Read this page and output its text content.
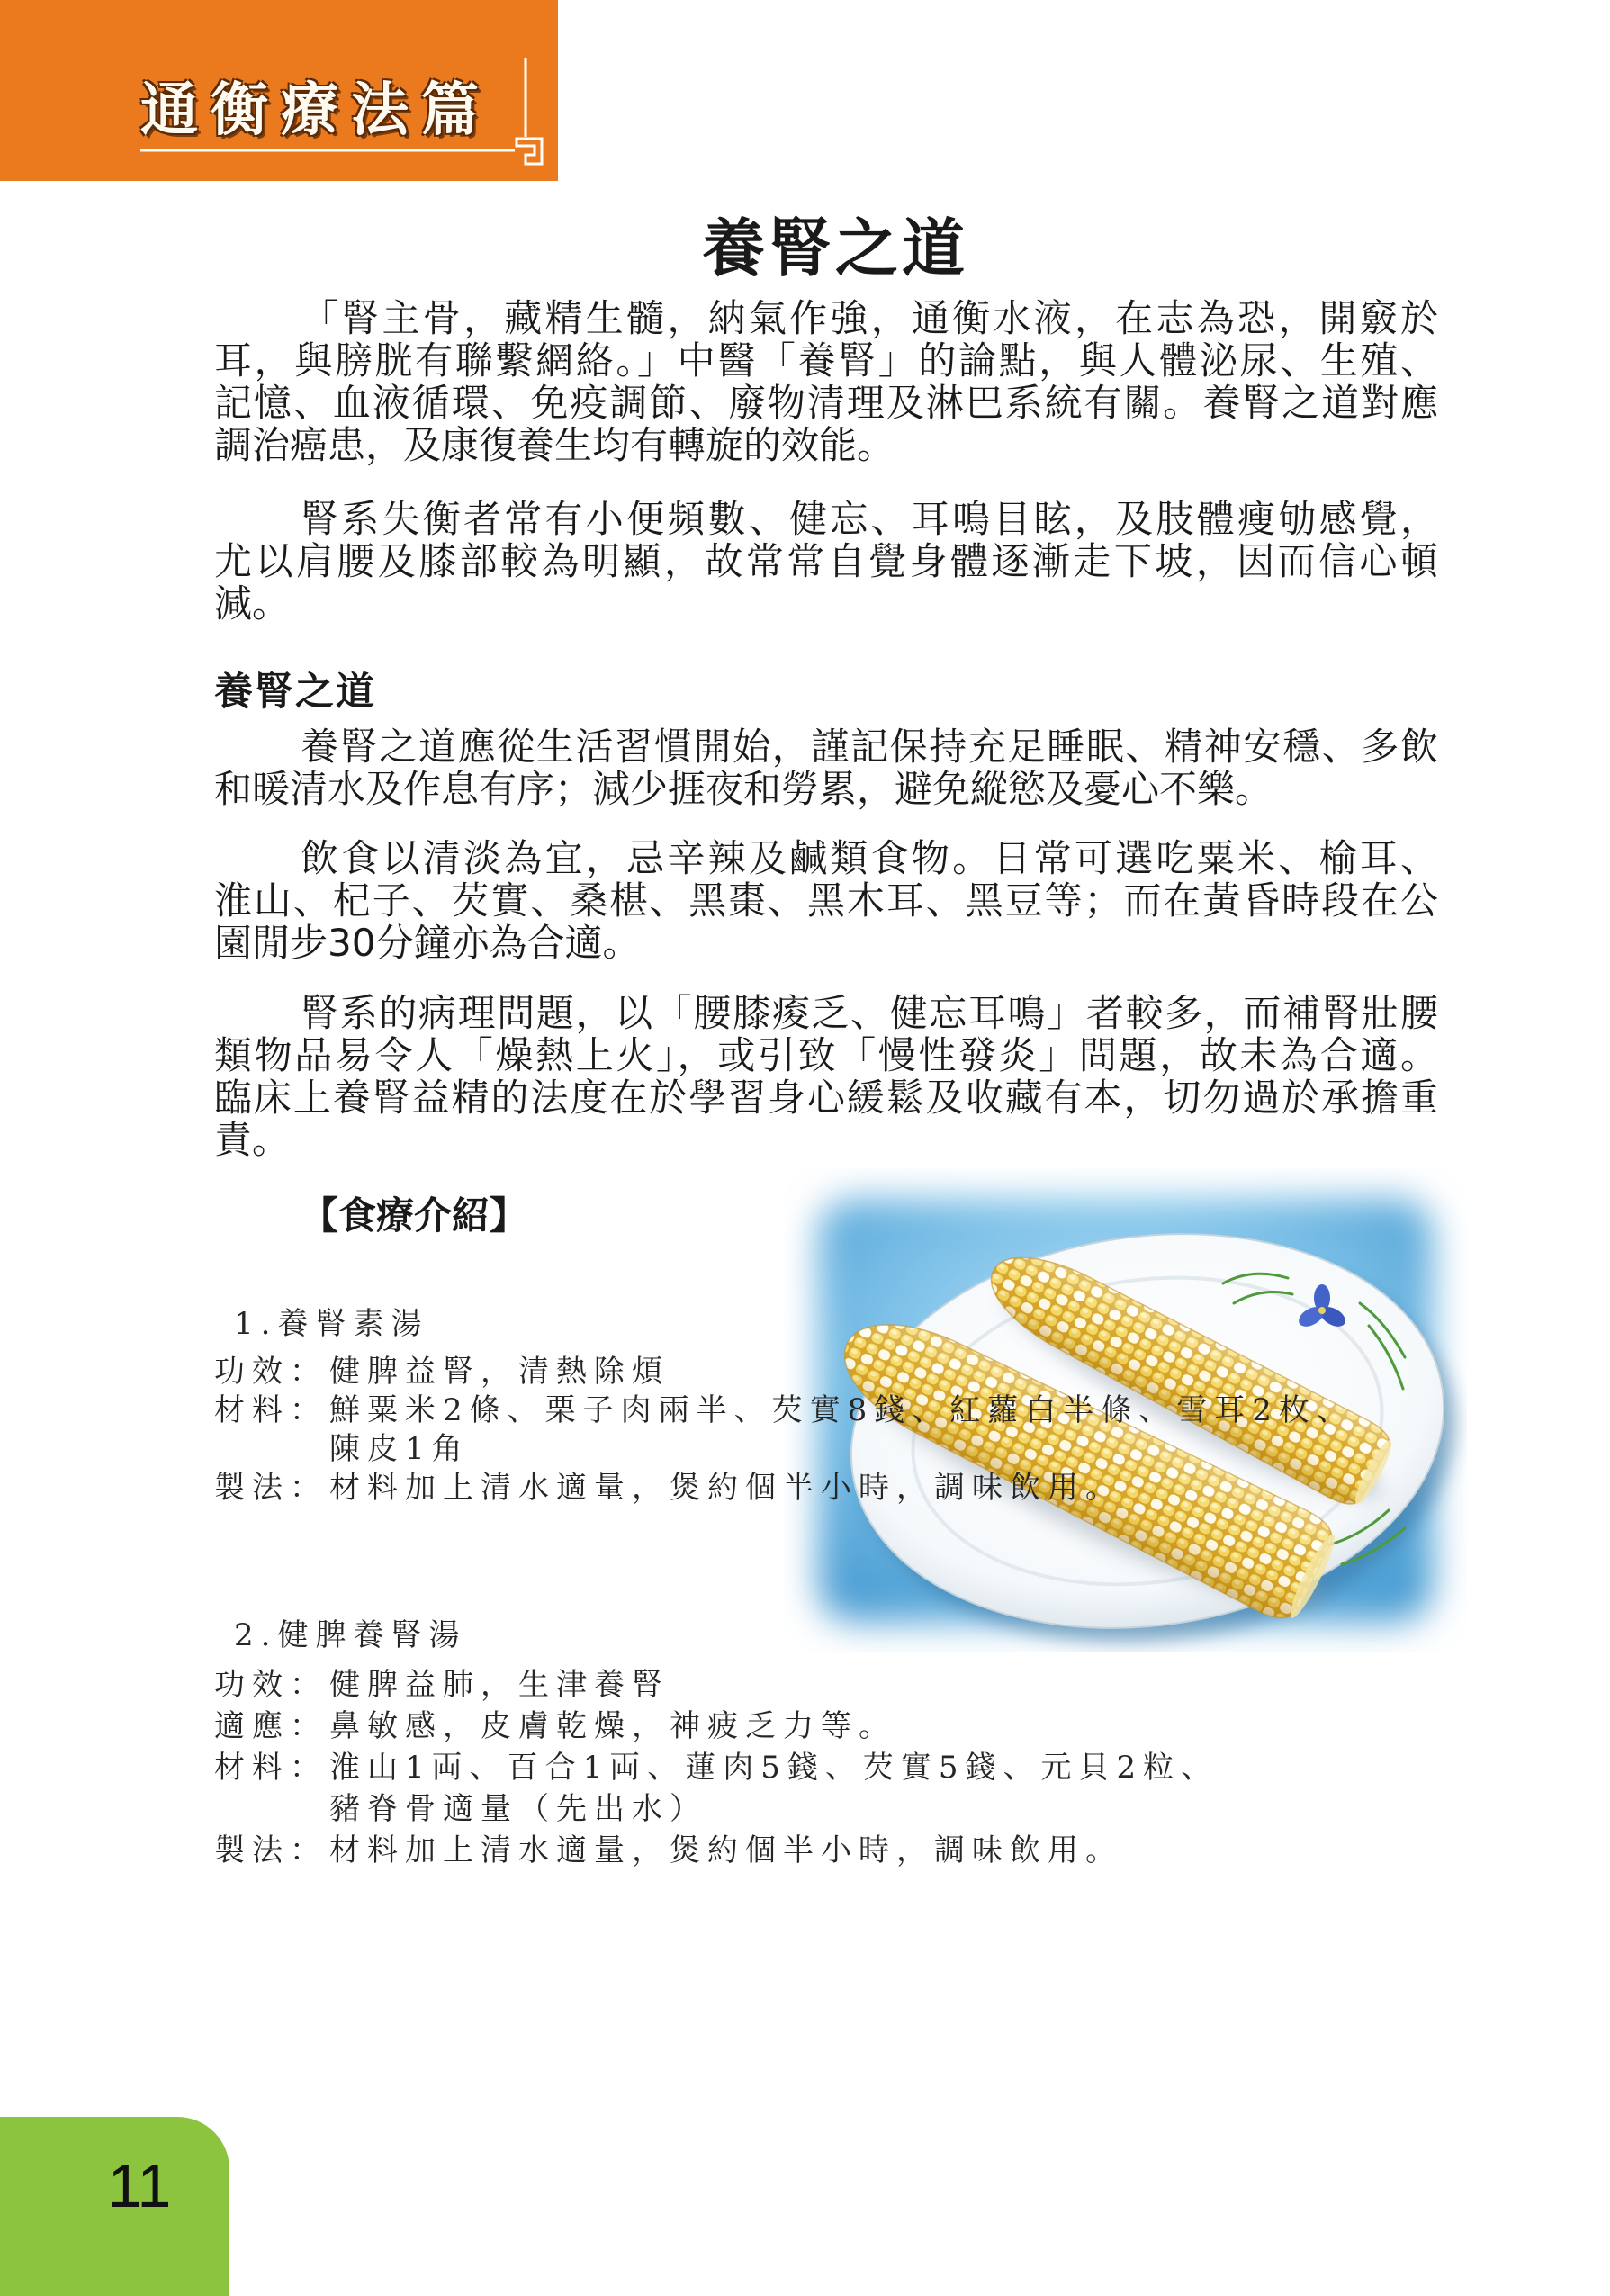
通衡療法篇
養腎之道
「腎主骨，藏精生髓，納氣作強，通衡水液，在志為恐，開竅於
耳，與膀胱有聯繫網絡。」中醫「養腎」的論點，與人體泌尿、生殖、
記憶、血液循環、免疫調節、廢物清理及淋巴系統有關。養腎之道對應
調治癌患，及康復養生均有轉旋的效能。
腎系失衡者常有小便頻數、健忘、耳鳴目眩，及肢體瘦劬感覺，
尤以肩腰及膝部較為明顯，故常常自覺身體逐漸走下坡，因而信心頓
減。
養腎之道
養腎之道應從生活習慣開始，謹記保持充足睡眠、精神安穩、多飲
和暖清水及作息有序；減少捱夜和勞累，避免縱慾及憂心不樂。
飲食以清淡為宜，忌辛辣及鹹類食物。日常可選吃粟米、榆耳、
淮山、杞子、芡實、桑椹、黑棗、黑木耳、黑豆等；而在黃昏時段在公
園閒步30分鐘亦為合適。
腎系的病理問題，以「腰膝痠乏、健忘耳鳴」者較多，而補腎壯腰
類物品易令人「燥熱上火」，或引致「慢性發炎」問題，故未為合適。
臨床上養腎益精的法度在於學習身心緩鬆及收藏有本，切勿過於承擔重
責。
【食療介紹】
1.養腎素湯
功效：健脾益腎，清熱除煩
材料：鮮粟米2條、栗子肉兩半、芡實8錢、紅蘿白半條、雪耳2枚、
陳皮1角
製法：材料加上清水適量，煲約個半小時，調味飲用。
2.健脾養腎湯
功效：健脾益肺，生津養腎
適應：鼻敏感，皮膚乾燥，神疲乏力等。
材料：淮山1両、百合1両、蓮肉5錢、芡實5錢、元貝2粒、
豬脊骨適量（先出水）
製法：材料加上清水適量，煲約個半小時，調味飲用。
11
